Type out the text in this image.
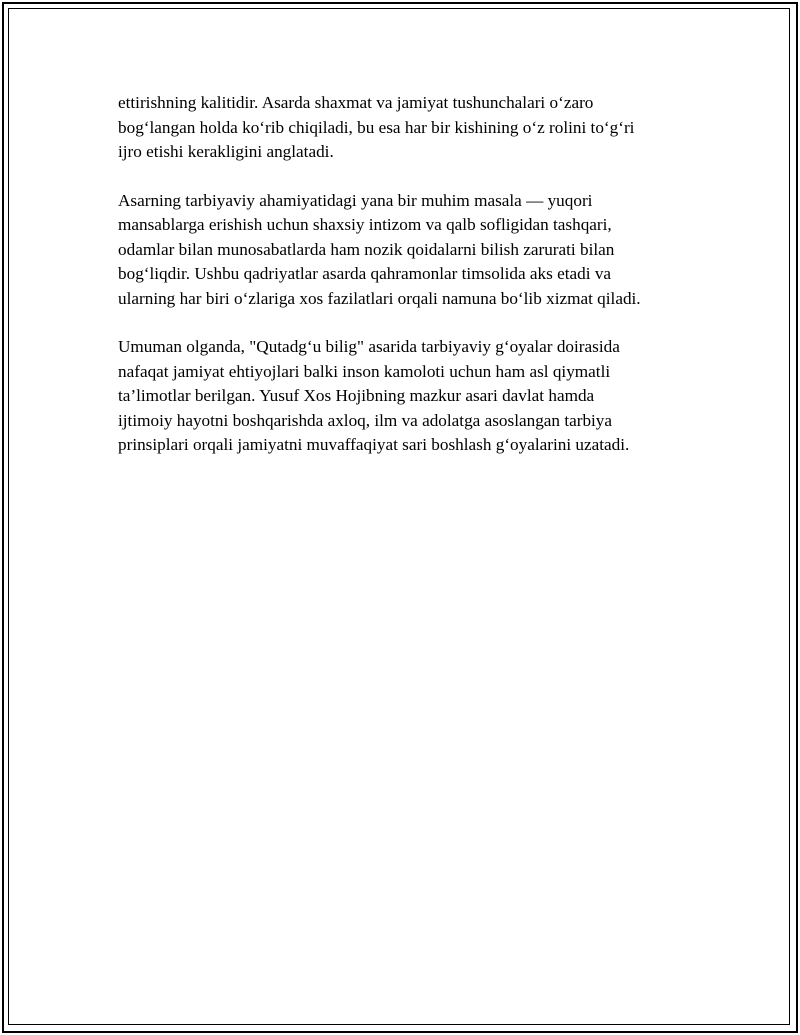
ettirishning kalitidir. Asarda shaxmat va jamiyat tushunchalari o‘zaro
bog‘langan holda ko‘rib chiqiladi, bu esa har bir kishining o‘z rolini to‘g‘ri
ijro etishi kerakligini anglatadi.

Asarning tarbiyaviy ahamiyatidagi yana bir muhim masala — yuqori
mansablarga erishish uchun shaxsiy intizom va qalb sofligidan tashqari,
odamlar bilan munosabatlarda ham nozik qoidalarni bilish zarurati bilan
bog‘liqdir. Ushbu qadriyatlar asarda qahramonlar timsolida aks etadi va
ularning har biri o‘zlariga xos fazilatlari orqali namuna bo‘lib xizmat qiladi.

Umuman olganda, "Qutadg‘u bilig" asarida tarbiyaviy g‘oyalar doirasida
nafaqat jamiyat ehtiyojlari balki inson kamoloti uchun ham asl qiymatli
ta’limotlar berilgan. Yusuf Xos Hojibning mazkur asari davlat hamda
ijtimoiy hayotni boshqarishda axloq, ilm va adolatga asoslangan tarbiya
prinsiplari orqali jamiyatni muvaffaqiyat sari boshlash g‘oyalarini uzatadi.
